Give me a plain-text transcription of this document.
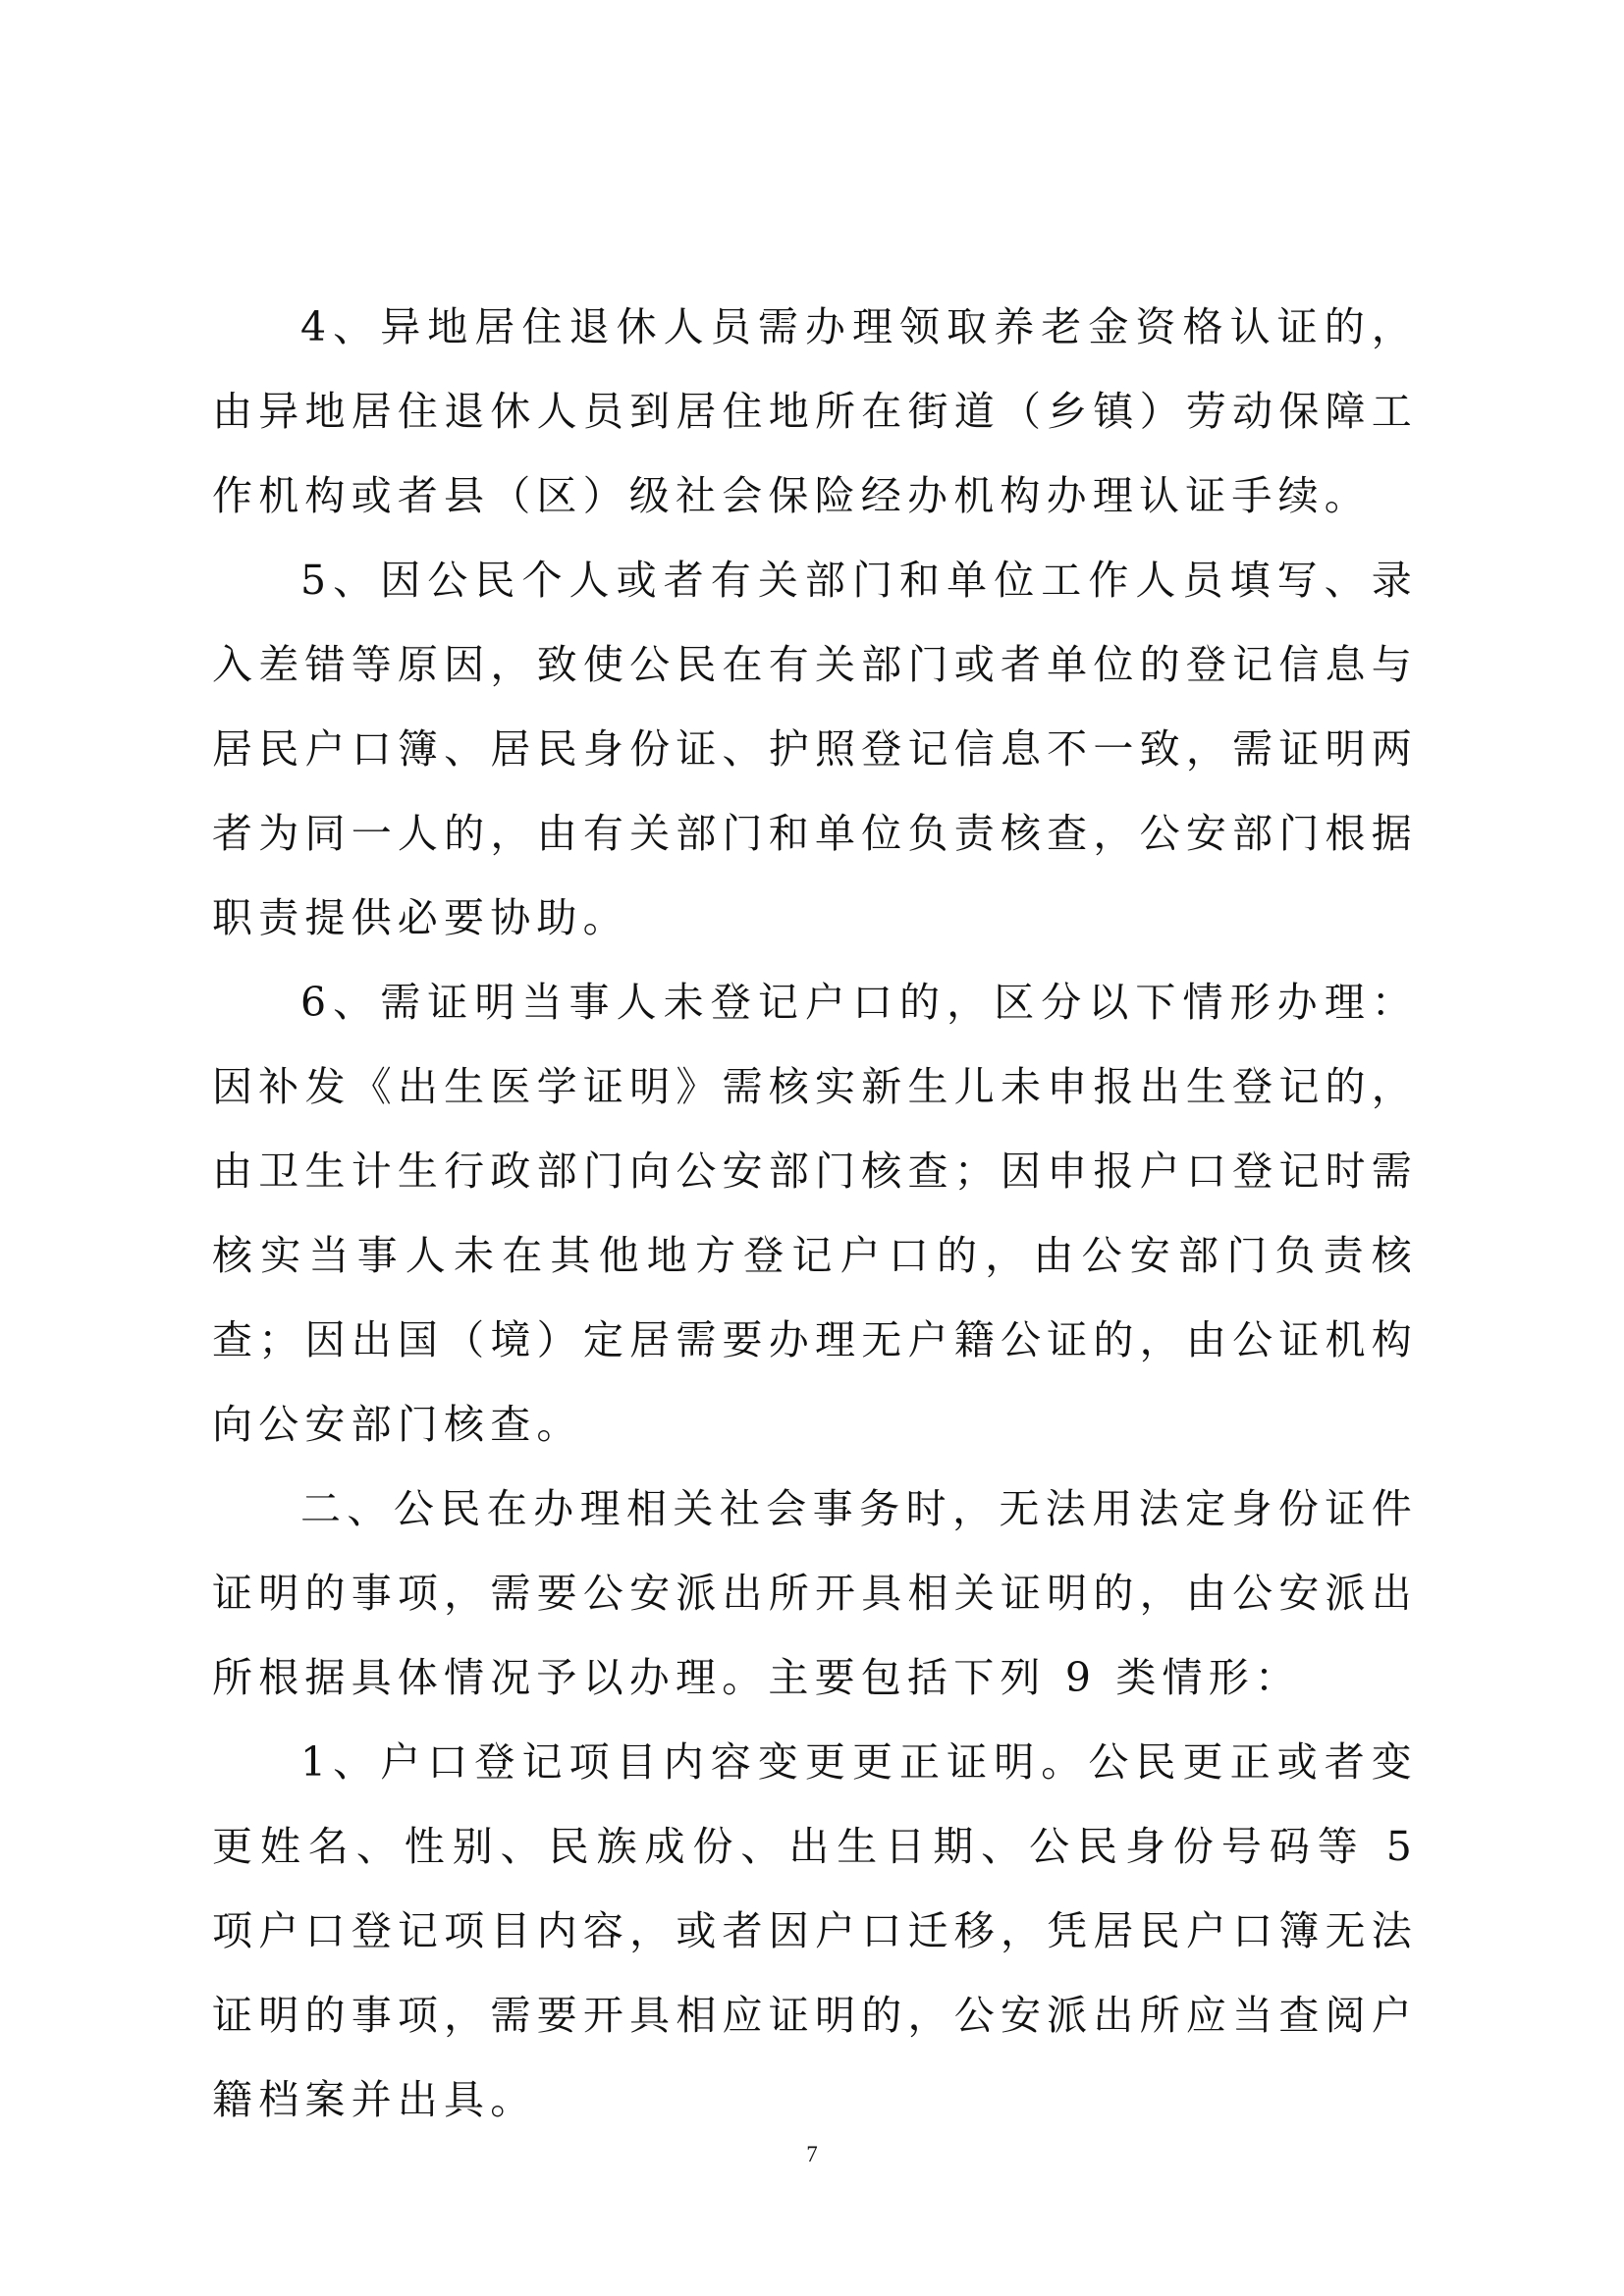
4、异地居住退休人员需办理领取养老金资格认证的，由异地居住退休人员到居住地所在街道（乡镇）劳动保障工作机构或者县（区）级社会保险经办机构办理认证手续。

5、因公民个人或者有关部门和单位工作人员填写、录入差错等原因，致使公民在有关部门或者单位的登记信息与居民户口簿、居民身份证、护照登记信息不一致，需证明两者为同一人的，由有关部门和单位负责核查，公安部门根据职责提供必要协助。

6、需证明当事人未登记户口的，区分以下情形办理：因补发《出生医学证明》需核实新生儿未申报出生登记的，由卫生计生行政部门向公安部门核查；因申报户口登记时需核实当事人未在其他地方登记户口的，由公安部门负责核查；因出国（境）定居需要办理无户籍公证的，由公证机构向公安部门核查。

二、公民在办理相关社会事务时，无法用法定身份证件证明的事项，需要公安派出所开具相关证明的，由公安派出所根据具体情况予以办理。主要包括下列 9 类情形：

1、户口登记项目内容变更更正证明。公民更正或者变更姓名、性别、民族成份、出生日期、公民身份号码等 5 项户口登记项目内容，或者因户口迁移，凭居民户口簿无法证明的事项，需要开具相应证明的，公安派出所应当查阅户籍档案并出具。

7
